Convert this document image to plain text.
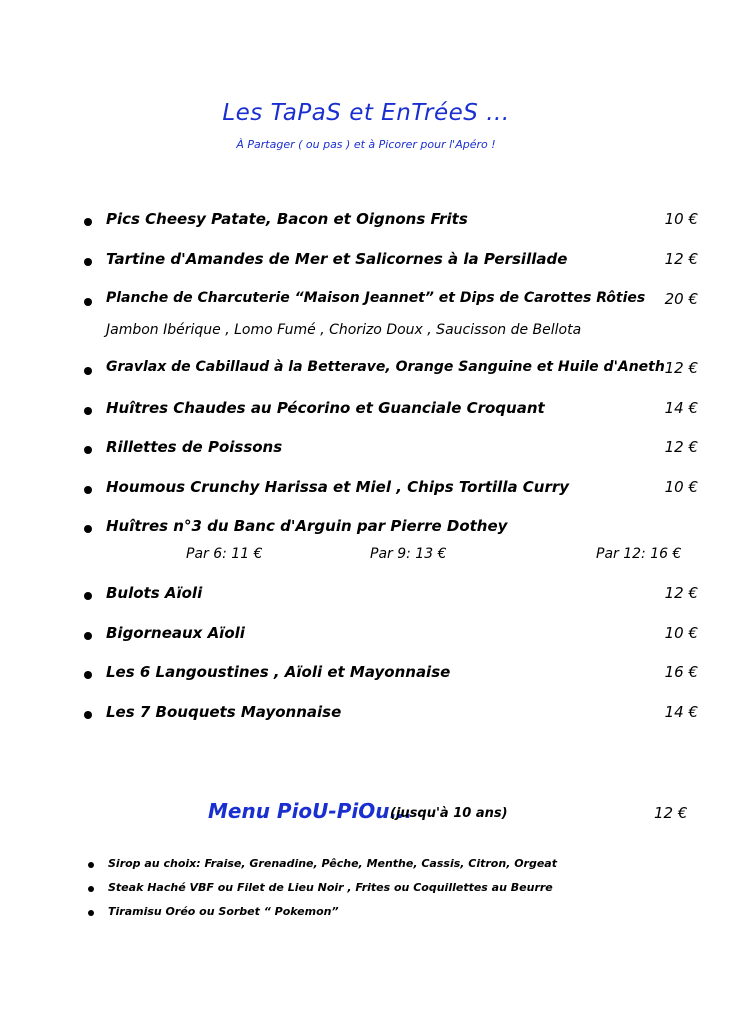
Les TaPaS et EnTréeS ...
À Partager ( ou pas ) et à Picorer pour l'Apéro !
Pics Cheesy Patate, Bacon et Oignons Frits	10 €
Tartine d'Amandes de Mer et Salicornes à la Persillade	12 €
Planche de Charcuterie “Maison Jeannet” et Dips de Carottes Rôties 20 €
Jambon Ibérique , Lomo Fumé , Chorizo Doux , Saucisson de Bellota
Gravlax de Cabillaud à la Betterave, Orange Sanguine et Huile d'Aneth 12 €
Huîtres Chaudes au Pécorino et Guanciale Croquant	14 €
Rillettes de Poissons	12 €
Houmous Crunchy Harissa et Miel , Chips Tortilla Curry	10 €
Huîtres n°3 du Banc d'Arguin par Pierre Dothey
Par 6: 11 €	Par 9: 13 €	Par 12: 16 €
Bulots Aïoli	12 €
Bigorneaux Aïoli	10 €
Les 6 Langoustines , Aïoli et Mayonnaise	16 €
Les 7 Bouquets Mayonnaise	14 €
Menu PioU-PiOu...
(jusqu'à 10 ans)	12 €
Sirop au choix: Fraise, Grenadine, Pêche, Menthe, Cassis, Citron, Orgeat
Steak Haché VBF ou Filet de Lieu Noir , Frites ou Coquillettes au Beurre
Tiramisu Oréo ou Sorbet “ Pokemon”
